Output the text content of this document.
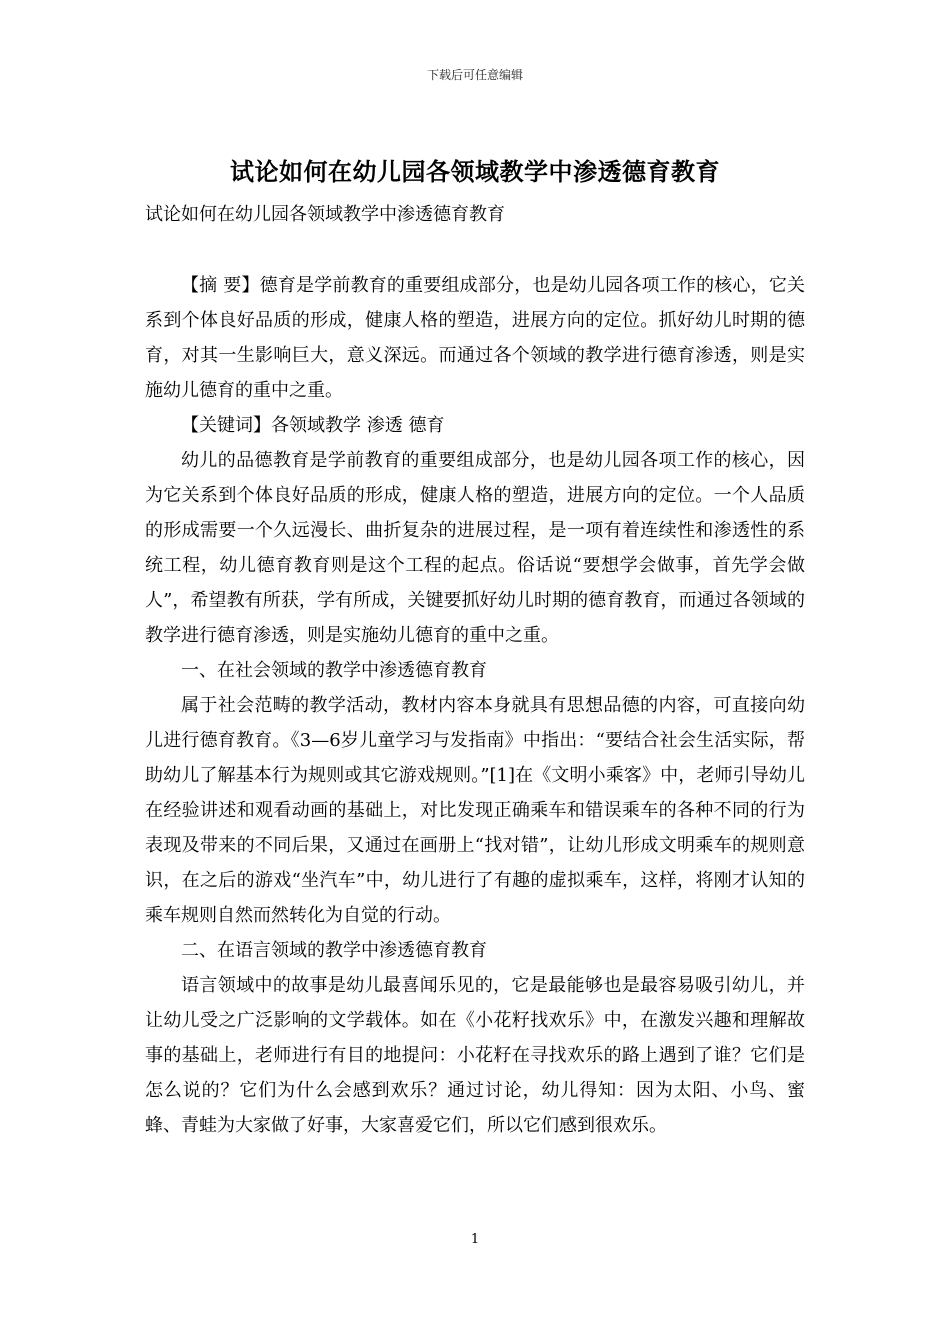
下载后可任意编辑
试论如何在幼儿园各领域教学中渗透德育教育
试论如何在幼儿园各领域教学中渗透德育教育

【摘 要】德育是学前教育的重要组成部分，也是幼儿园各项工作的核心，它关系到个体良好品质的形成，健康人格的塑造，进展方向的定位。抓好幼儿时期的德育，对其一生影响巨大，意义深远。而通过各个领域的教学进行德育渗透，则是实施幼儿德育的重中之重。

【关键词】各领域教学 渗透 德育

幼儿的品德教育是学前教育的重要组成部分，也是幼儿园各项工作的核心，因为它关系到个体良好品质的形成，健康人格的塑造，进展方向的定位。一个人品质的形成需要一个久远漫长、曲折复杂的进展过程，是一项有着连续性和渗透性的系统工程，幼儿德育教育则是这个工程的起点。俗话说“要想学会做事，首先学会做人”，希望教有所获，学有所成，关键要抓好幼儿时期的德育教育，而通过各领域的教学进行德育渗透，则是实施幼儿德育的重中之重。

一、在社会领域的教学中渗透德育教育

属于社会范畴的教学活动，教材内容本身就具有思想品德的内容，可直接向幼儿进行德育教育。《3—6岁儿童学习与发指南》中指出：“要结合社会生活实际，帮助幼儿了解基本行为规则或其它游戏规则。”[1]在《文明小乘客》中，老师引导幼儿在经验讲述和观看动画的基础上，对比发现正确乘车和错误乘车的各种不同的行为表现及带来的不同后果，又通过在画册上“找对错”，让幼儿形成文明乘车的规则意识，在之后的游戏“坐汽车”中，幼儿进行了有趣的虚拟乘车，这样，将刚才认知的乘车规则自然而然转化为自觉的行动。

二、在语言领域的教学中渗透德育教育

语言领域中的故事是幼儿最喜闻乐见的，它是最能够也是最容易吸引幼儿，并让幼儿受之广泛影响的文学载体。如在《小花籽找欢乐》中，在激发兴趣和理解故事的基础上，老师进行有目的地提问：小花籽在寻找欢乐的路上遇到了谁？它们是怎么说的？它们为什么会感到欢乐？通过讨论，幼儿得知：因为太阳、小鸟、蜜蜂、青蛙为大家做了好事，大家喜爱它们，所以它们感到很欢乐。

1
